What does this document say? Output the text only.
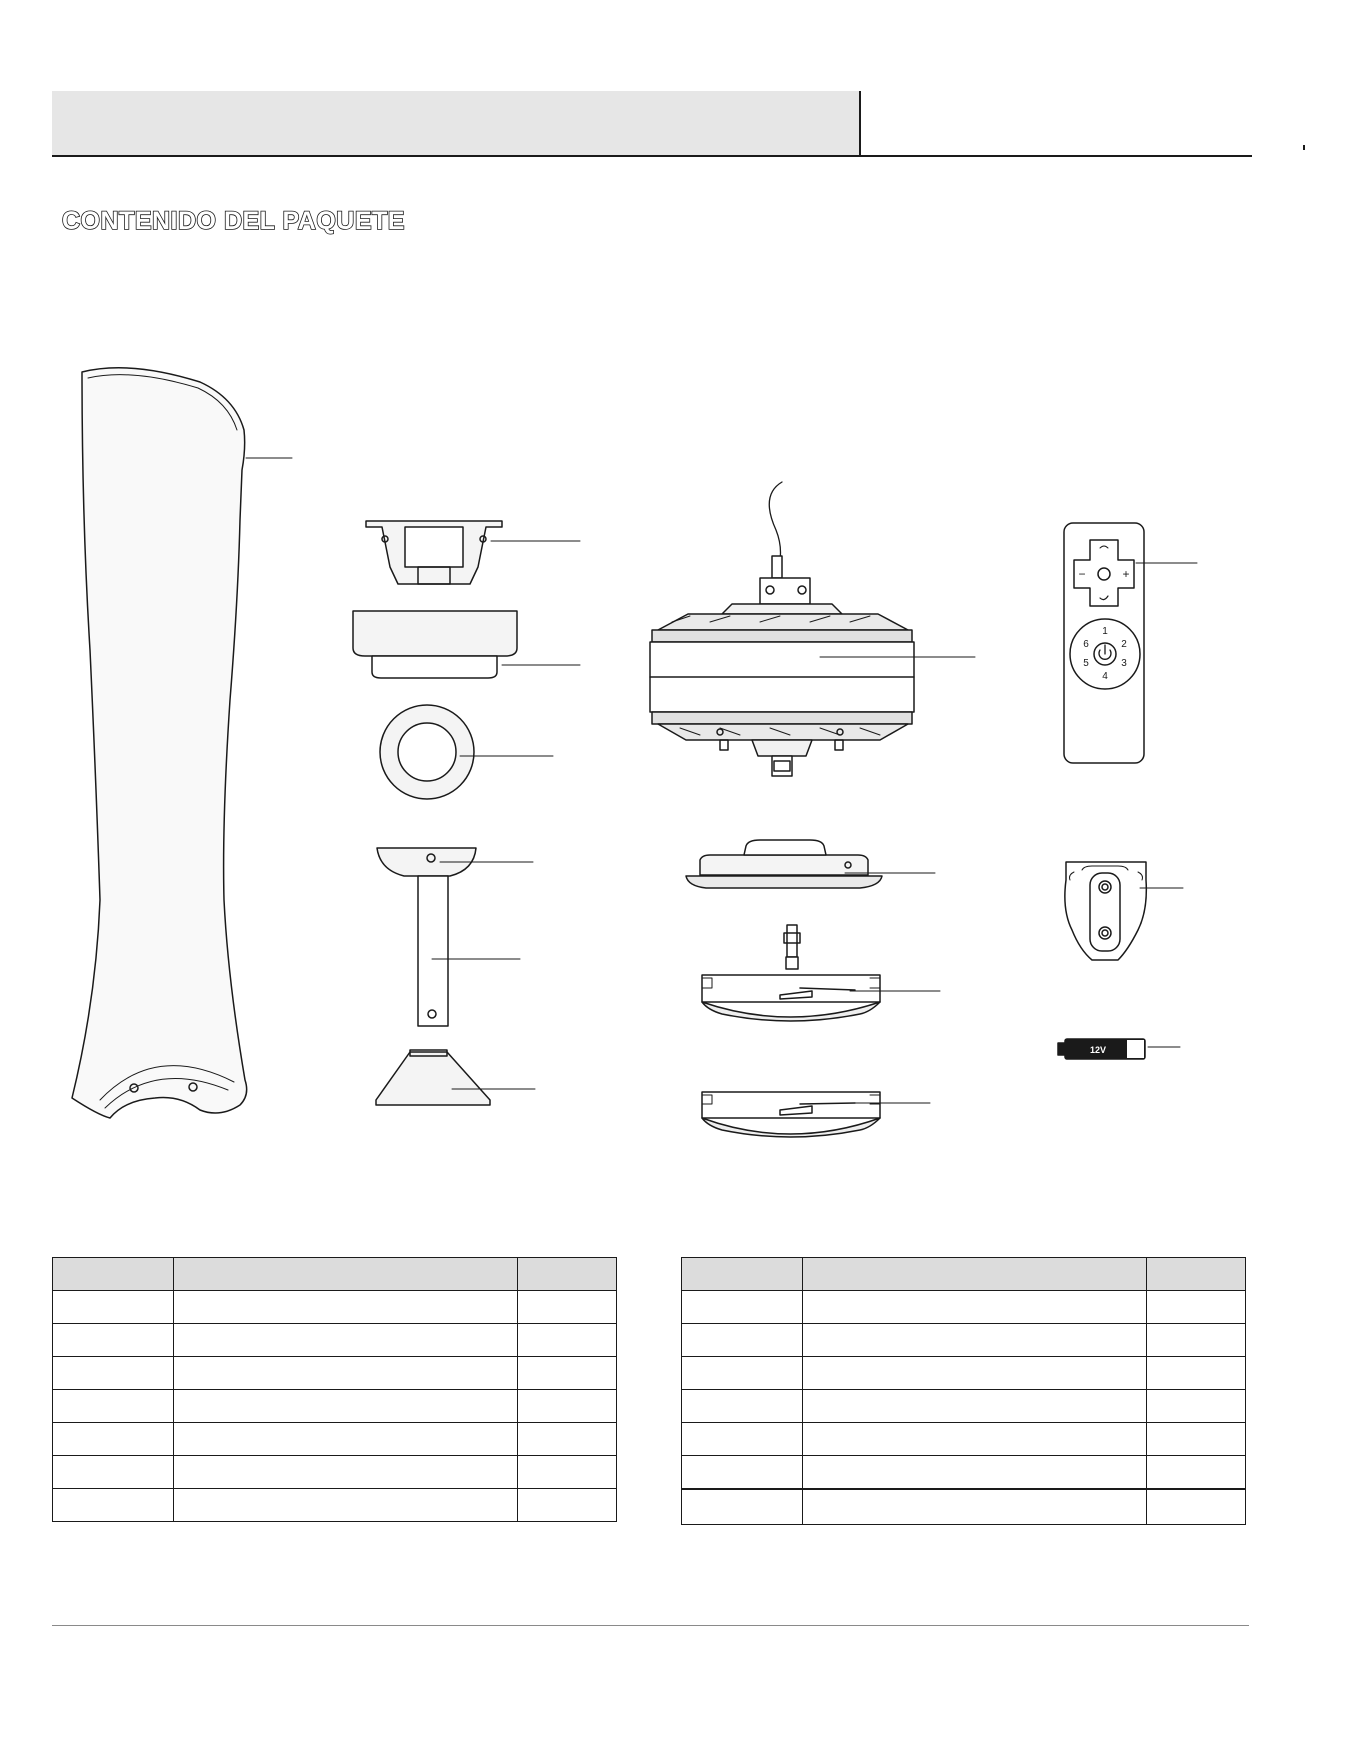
CONTENIDO DEL PAQUETE
−	+
1
2
3
4
5
6
12V
